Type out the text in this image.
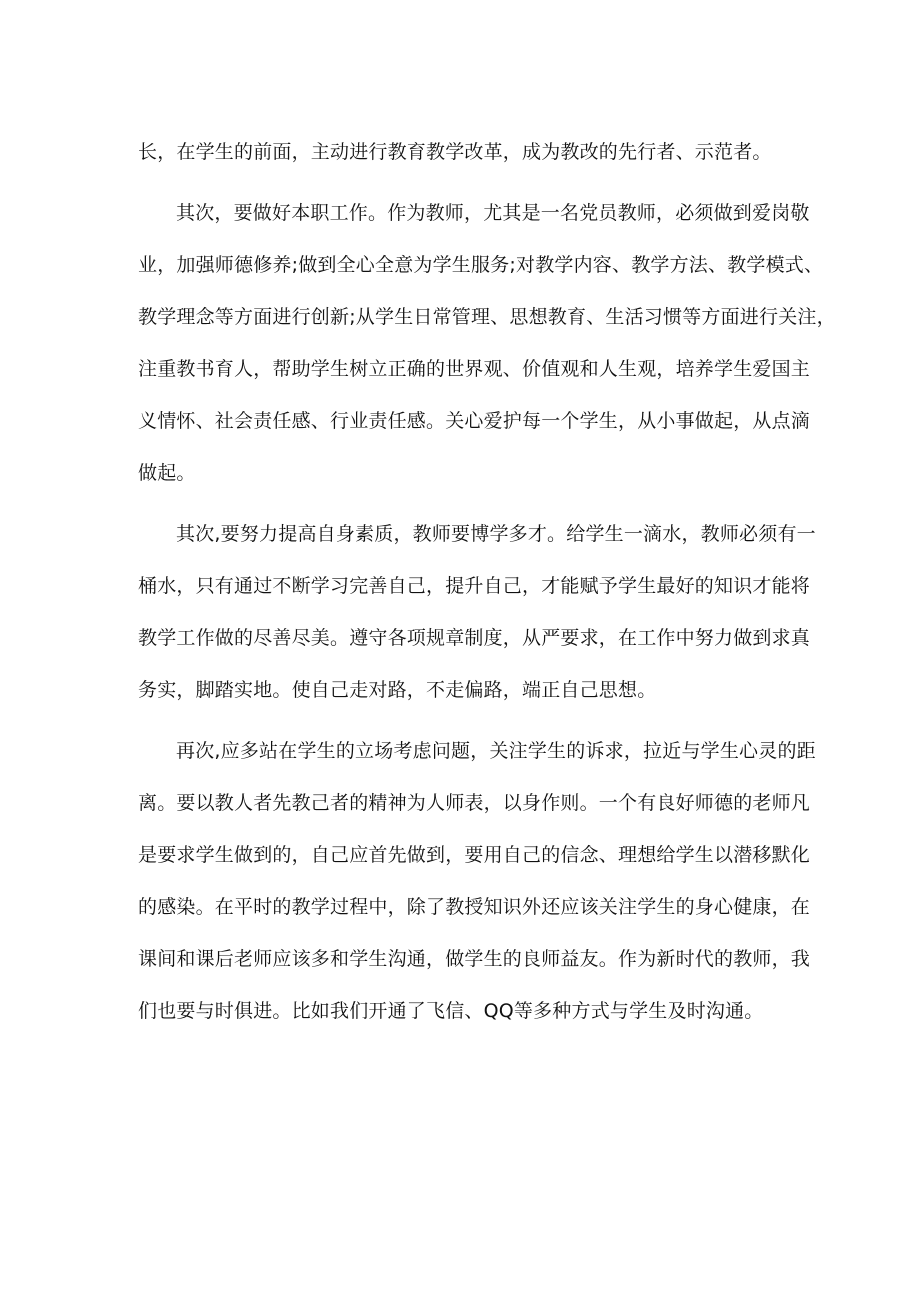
长，在学生的前面，主动进行教育教学改革，成为教改的先行者、示范者。

其次，要做好本职工作。作为教师，尤其是一名党员教师，必须做到爱岗敬

业，加强师德修养;做到全心全意为学生服务;对教学内容、教学方法、教学模式、

教学理念等方面进行创新;从学生日常管理、思想教育、生活习惯等方面进行关注，

注重教书育人，帮助学生树立正确的世界观、价值观和人生观，培养学生爱国主

义情怀、社会责任感、行业责任感。关心爱护每一个学生，从小事做起，从点滴

做起。

其次,要努力提高自身素质，教师要博学多才。给学生一滴水，教师必须有一

桶水，只有通过不断学习完善自己，提升自己，才能赋予学生最好的知识才能将

教学工作做的尽善尽美。遵守各项规章制度，从严要求，在工作中努力做到求真

务实，脚踏实地。使自己走对路，不走偏路，端正自己思想。

再次,应多站在学生的立场考虑问题，关注学生的诉求，拉近与学生心灵的距

离。要以教人者先教己者的精神为人师表，以身作则。一个有良好师德的老师凡

是要求学生做到的，自己应首先做到，要用自己的信念、理想给学生以潜移默化

的感染。在平时的教学过程中，除了教授知识外还应该关注学生的身心健康，在

课间和课后老师应该多和学生沟通，做学生的良师益友。作为新时代的教师，我

们也要与时俱进。比如我们开通了飞信、QQ等多种方式与学生及时沟通。
